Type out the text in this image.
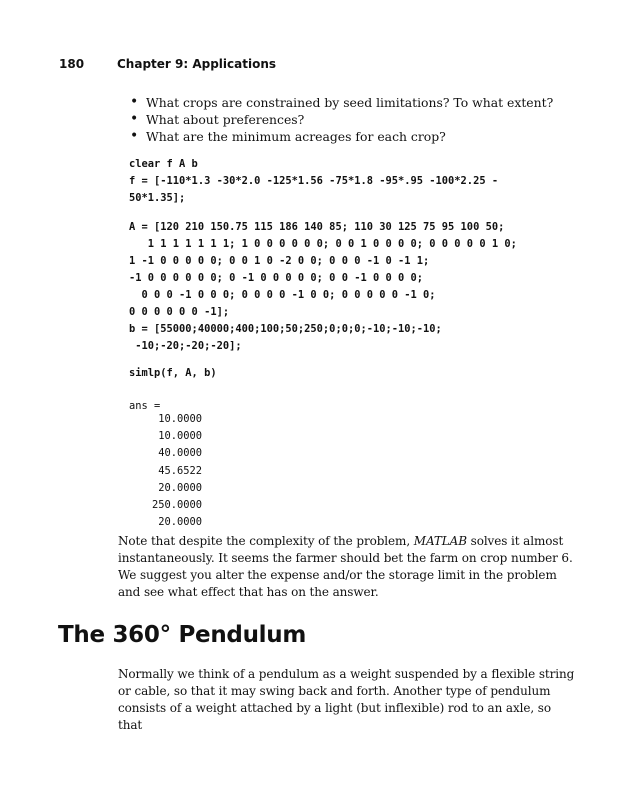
180	Chapter 9: Applications
• What crops are constrained by seed limitations? To what extent?
• What about preferences?
• What are the minimum acreages for each crop?
clear f A b
f = [-110*1.3 -30*2.0 -125*1.56 -75*1.8 -95*.95 -100*2.25 -
50*1.35];
A = [120 210 150.75 115 186 140 85; 110 30 125 75 95 100 50;
1 1 1 1 1 1 1; 1 0 0 0 0 0 0; 0 0 1 0 0 0 0; 0 0 0 0 0 1 0;
1 -1 0 0 0 0 0; 0 0 1 0 -2 0 0; 0 0 0 -1 0 -1 1;
-1 0 0 0 0 0 0; 0 -1 0 0 0 0 0; 0 0 -1 0 0 0 0;
0 0 0 -1 0 0 0; 0 0 0 0 -1 0 0; 0 0 0 0 0 -1 0;
0 0 0 0 0 0 -1];
b = [55000;40000;400;100;50;250;0;0;0;-10;-10;-10;
-10;-20;-20;-20];
simlp(f, A, b)
ans =
10.0000
10.0000
40.0000
45.6522
20.0000
250.0000
20.0000

Note that despite the complexity of the problem, MATLAB solves it almost instantaneously. It seems the farmer should bet the farm on crop number 6. We suggest you alter the expense and/or the storage limit in the problem and see what effect that has on the answer.

The 360° Pendulum

Normally we think of a pendulum as a weight suspended by a flexible string or cable, so that it may swing back and forth. Another type of pendulum consists of a weight attached by a light (but inflexible) rod to an axle, so that
